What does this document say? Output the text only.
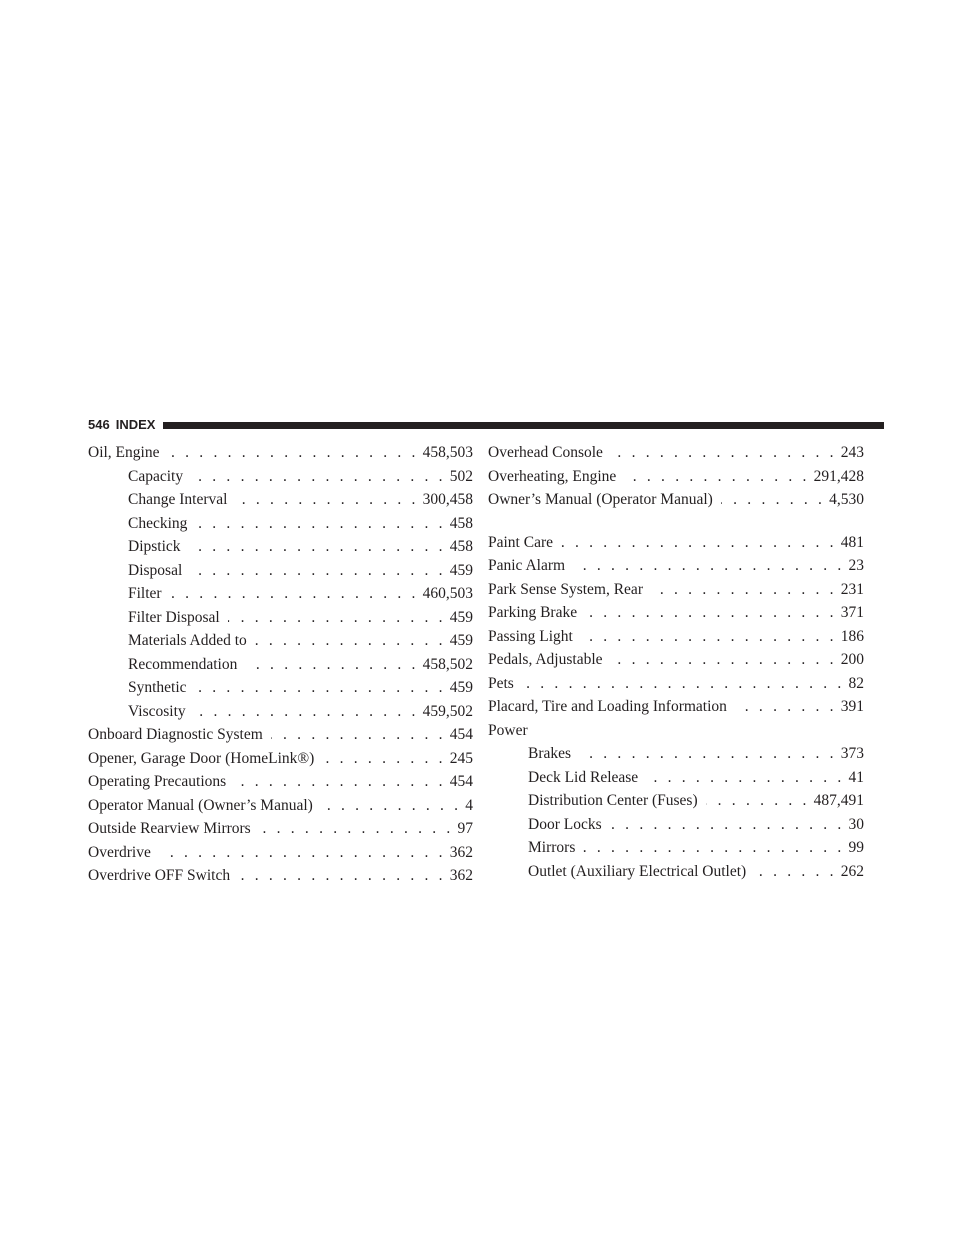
546 INDEX
Oil, Engine . . .	458,503
Capacity . . .	502
Change Interval . . .	300,458
Checking . . .	458
Dipstick . . .	458
Disposal . . .	459
Filter . . .	460,503
Filter Disposal . . .	459
Materials Added to . . .	459
Recommendation . . .	458,502
Synthetic . . .	459
Viscosity . . .	459,502
Onboard Diagnostic System . . .	454
Opener, Garage Door (HomeLink®) . . .	245
Operating Precautions . . .	454
Operator Manual (Owner’s Manual) . . .	4
Outside Rearview Mirrors . . .	97
Overdrive . . .	362
Overdrive OFF Switch . . .	362
Overhead Console . . .	243
Overheating, Engine . . .	291,428
Owner’s Manual (Operator Manual) . . .	4,530
Paint Care . . .	481
Panic Alarm . . .	23
Park Sense System, Rear . . .	231
Parking Brake . . .	371
Passing Light . . .	186
Pedals, Adjustable . . .	200
Pets . . .	82
Placard, Tire and Loading Information . . .	391
Power
Brakes . . .	373
Deck Lid Release . . .	41
Distribution Center (Fuses) . . .	487,491
Door Locks . . .	30
Mirrors . . .	99
Outlet (Auxiliary Electrical Outlet) . . .	262
